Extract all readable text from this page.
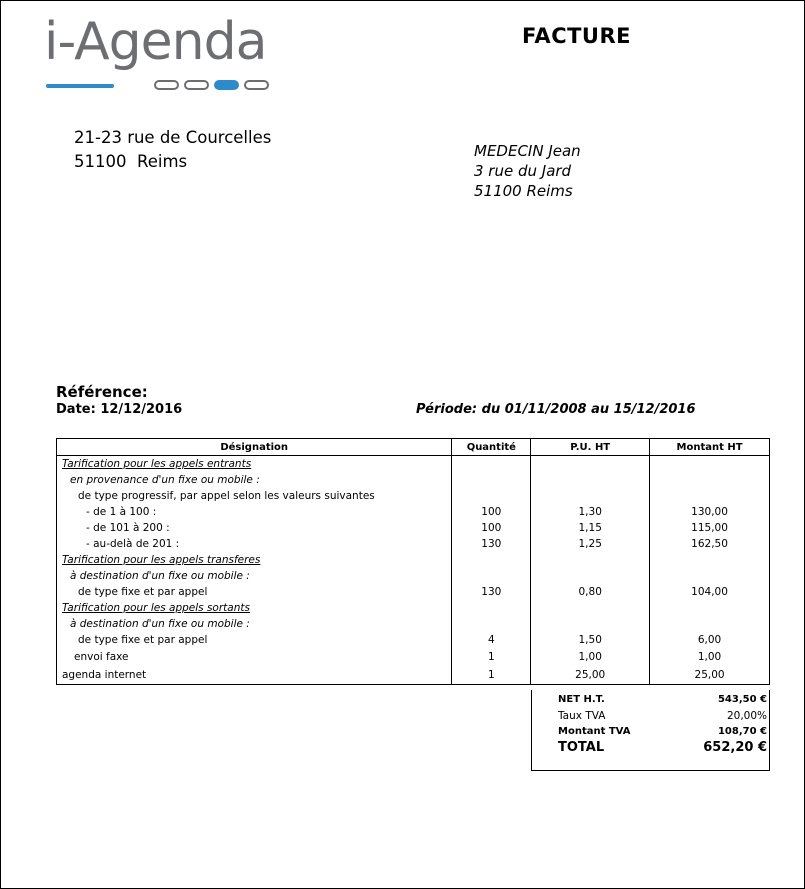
i-Agenda	FACTURE
21-23 rue de Courcelles
51100  Reims
MEDECIN Jean
3 rue du Jard
51100 Reims
Référence:
Date: 12/12/2016	Période: du 01/11/2008 au 15/12/2016
Désignation	Quantité	P.U. HT	Montant HT
Tarification pour les appels entrants			
en provenance d'un fixe ou mobile :			
de type progressif, par appel selon les valeurs suivantes			
- de 1 à 100 :	100	1,30	130,00
- de 101 à 200 :	100	1,15	115,00
- au-delà de 201 :	130	1,25	162,50
Tarification pour les appels transferes			
à destination d'un fixe ou mobile :			
de type fixe et par appel	130	0,80	104,00
Tarification pour les appels sortants			
à destination d'un fixe ou mobile :			
de type fixe et par appel	4	1,50	6,00
envoi faxe	1	1,00	1,00
agenda internet	1	25,00	25,00
NET H.T.	543,50 €
Taux TVA	20,00%
Montant TVA	108,70 €
TOTAL	652,20 €
